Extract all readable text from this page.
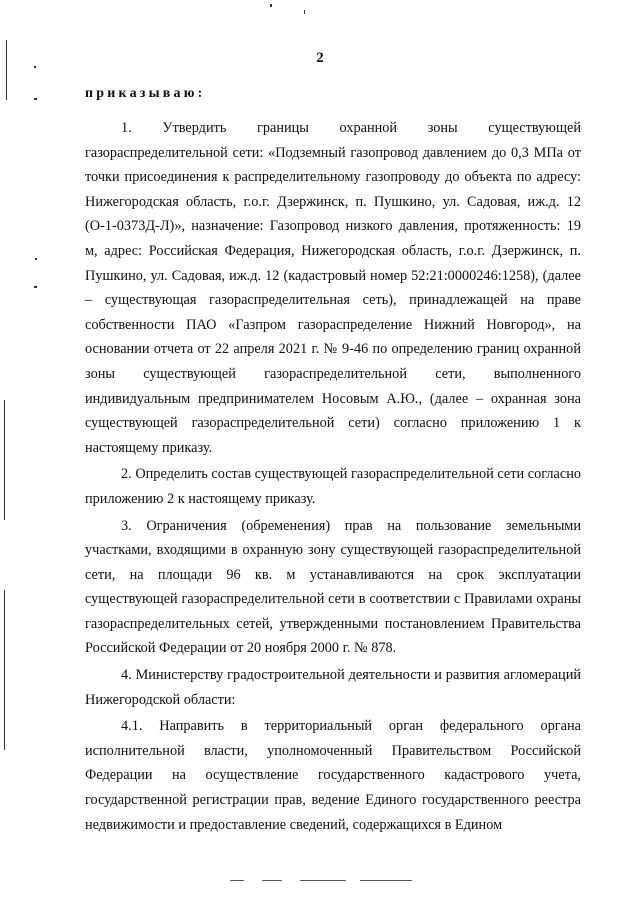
2
приказываю:

1. Утвердить границы охранной зоны существующей газораспределительной сети: «Подземный газопровод давлением до 0,3 МПа от точки присоединения к распределительному газопроводу до объекта по адресу: Нижегородская область, г.о.г. Дзержинск, п. Пушкино, ул. Садовая, иж.д. 12 (О-1-0373Д-Л)», назначение: Газопровод низкого давления, протяженность: 19 м, адрес: Российская Федерация, Нижегородская область, г.о.г. Дзержинск, п. Пушкино, ул. Садовая, иж.д. 12 (кадастровый номер 52:21:0000246:1258), (далее – существующая газораспределительная сеть), принадлежащей на праве собственности ПАО «Газпром газораспределение Нижний Новгород», на основании отчета от 22 апреля 2021 г. № 9-46 по определению границ охранной зоны существующей газораспределительной сети, выполненного индивидуальным предпринимателем Носовым А.Ю., (далее – охранная зона существующей газораспределительной сети) согласно приложению 1 к настоящему приказу.

2. Определить состав существующей газораспределительной сети согласно приложению 2 к настоящему приказу.

3. Ограничения (обременения) прав на пользование земельными участками, входящими в охранную зону существующей газораспределительной сети, на площади 96 кв. м устанавливаются на срок эксплуатации существующей газораспределительной сети в соответствии с Правилами охраны газораспределительных сетей, утвержденными постановлением Правительства Российской Федерации от 20 ноября 2000 г. № 878.

4. Министерству градостроительной деятельности и развития агломераций Нижегородской области:

4.1. Направить в территориальный орган федерального органа исполнительной власти, уполномоченный Правительством Российской Федерации на осуществление государственного кадастрового учета, государственной регистрации прав, ведение Единого государственного реестра недвижимости и предоставление сведений, содержащихся в Едином
